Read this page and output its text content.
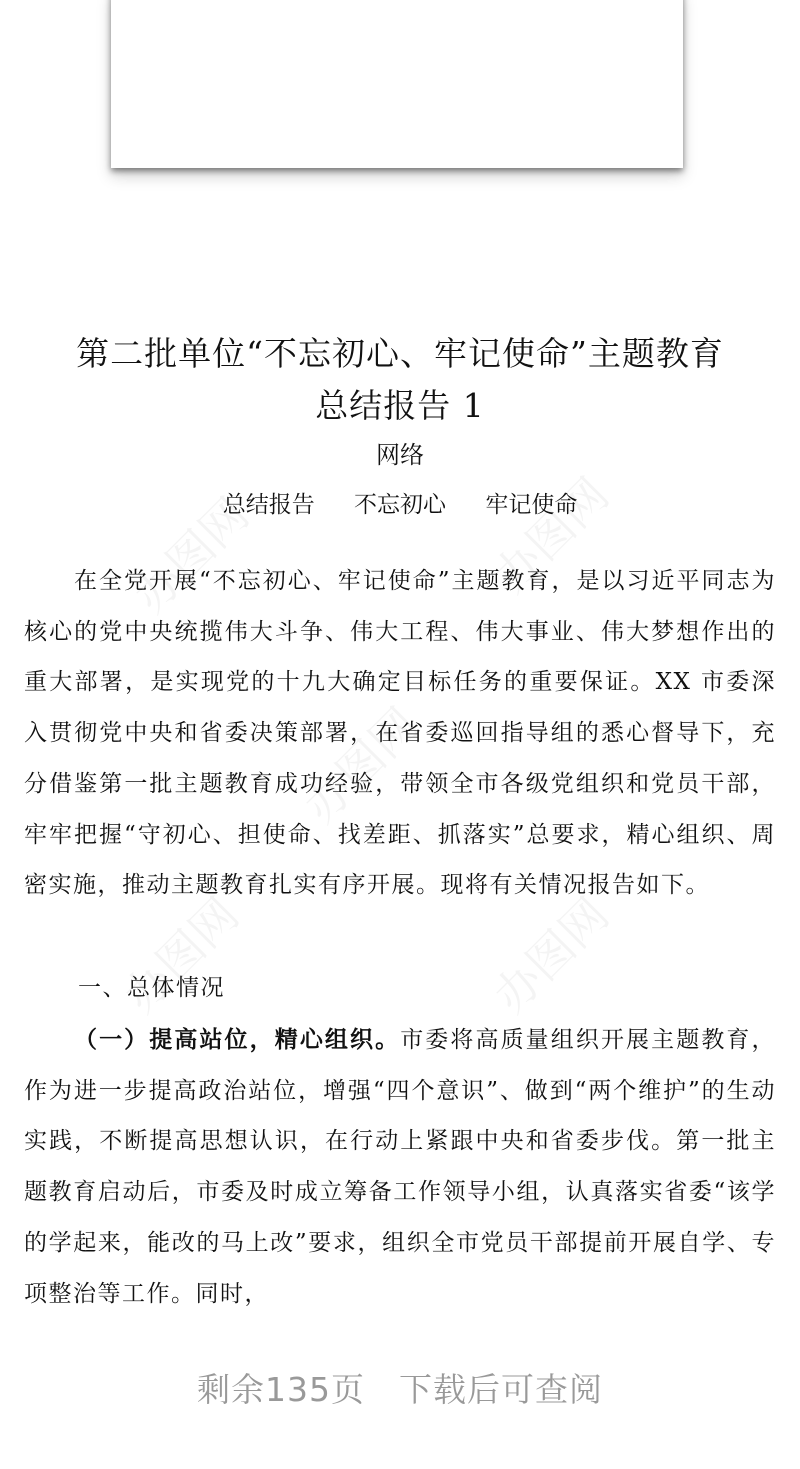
第二批单位“不忘初心、牢记使命”主题教育
总结报告 1
网络
总结报告 不忘初心 牢记使命

在全党开展“不忘初心、牢记使命”主题教育，是以习近平同志为核心的党中央统揽伟大斗争、伟大工程、伟大事业、伟大梦想作出的重大部署，是实现党的十九大确定目标任务的重要保证。XX 市委深入贯彻党中央和省委决策部署，在省委巡回指导组的悉心督导下，充分借鉴第一批主题教育成功经验，带领全市各级党组织和党员干部，牢牢把握“守初心、担使命、找差距、抓落实”总要求，精心组织、周密实施，推动主题教育扎实有序开展。现将有关情况报告如下。

一、总体情况

（一）提高站位，精心组织。市委将高质量组织开展主题教育，作为进一步提高政治站位，增强“四个意识”、做到“两个维护”的生动实践，不断提高思想认识，在行动上紧跟中央和省委步伐。第一批主题教育启动后，市委及时成立筹备工作领导小组，认真落实省委“该学的学起来，能改的马上改”要求，组织全市党员干部提前开展自学、专项整治等工作。同时，

剩余135页　下载后可查阅
